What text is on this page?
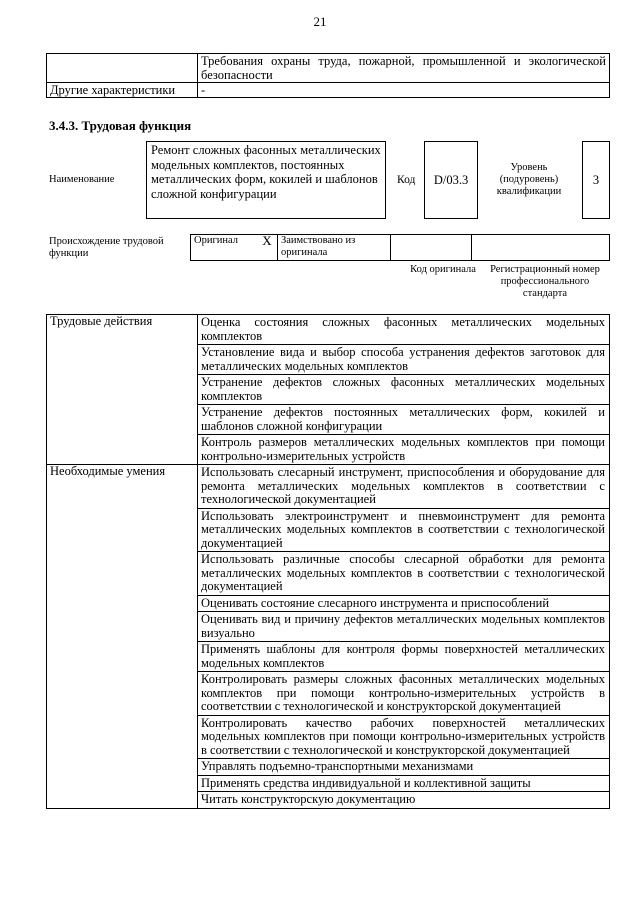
21
	Требования охраны труда, пожарной, промышленной и экологической безопасности
Другие характеристики	-
3.4.3. Трудовая функция
Наименование
Ремонт сложных фасонных металлических модельных комплектов, постоянных металлических форм, кокилей и шаблонов сложной конфигурации
Код	D/03.3
Уровень (подуровень) квалификации
3
Происхождение трудовой функции
Оригинал	X	Заимствовано из оригинала		
Код оригинала	Регистрационный номер профессионального стандарта
Трудовые действия	Оценка состояния сложных фасонных металлических модельных комплектов
	Установление вида и выбор способа устранения дефектов заготовок для металлических модельных комплектов
	Устранение дефектов сложных фасонных металлических модельных комплектов
	Устранение дефектов постоянных металлических форм, кокилей и шаблонов сложной конфигурации
	Контроль размеров металлических модельных комплектов при помощи контрольно-измерительных устройств
Необходимые умения	Использовать слесарный инструмент, приспособления и оборудование для ремонта металлических модельных комплектов в соответствии с технологической документацией
	Использовать электроинструмент и пневмоинструмент для ремонта металлических модельных комплектов в соответствии с технологической документацией
	Использовать различные способы слесарной обработки для ремонта металлических модельных комплектов в соответствии с технологической документацией
	Оценивать состояние слесарного инструмента и приспособлений
	Оценивать вид и причину дефектов металлических модельных комплектов визуально
	Применять шаблоны для контроля формы поверхностей металлических модельных комплектов
	Контролировать размеры сложных фасонных металлических модельных комплектов при помощи контрольно-измерительных устройств в соответствии с технологической и конструкторской документацией
	Контролировать качество рабочих поверхностей металлических модельных комплектов при помощи контрольно-измерительных устройств в соответствии с технологической и конструкторской документацией
	Управлять подъемно-транспортными механизмами
	Применять средства индивидуальной и коллективной защиты
	Читать конструкторскую документацию
